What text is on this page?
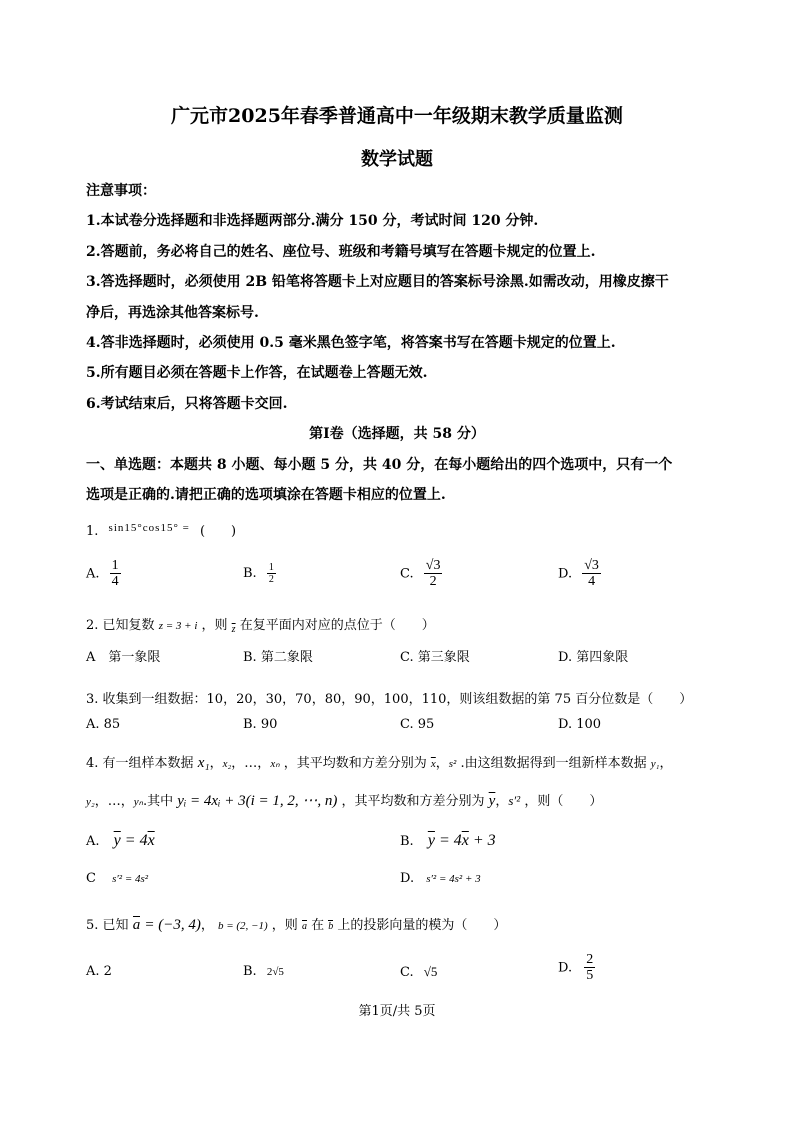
广元市2025年春季普通高中一年级期末教学质量监测
数学试题
注意事项：
1.本试卷分选择题和非选择题两部分.满分 150 分，考试时间 120 分钟.
2.答题前，务必将自己的姓名、座位号、班级和考籍号填写在答题卡规定的位置上.
3.答选择题时，必须使用 2B 铅笔将答题卡上对应题目的答案标号涂黑.如需改动，用橡皮擦干
净后，再选涂其他答案标号.
4.答非选择题时，必须使用 0.5 毫米黑色签字笔，将答案书写在答题卡规定的位置上.
5.所有题目必须在答题卡上作答，在试题卷上答题无效.
6.考试结束后，只将答题卡交回.
第Ⅰ卷（选择题，共 58 分）
一、单选题：本题共 8 小题、每小题 5 分，共 40 分，在每小题给出的四个选项中，只有一个
选项是正确的.请把正确的选项填涂在答题卡相应的位置上.
1. $^{sin15^\circ cos15^\circ =}$ (　　)
A. $\frac{1}{4}$	B. $\frac{1}{2}$	C. $\frac{√3}{2}$	D. $\frac{√3}{4}$
2. 已知复数 z = 3 + i ，则 $_{\overline{z}}$ 在复平面内对应的点位于（　　）
A　第一象限	B. 第二象限	C. 第三象限	D. 第四象限
3. 收集到一组数据：10，20，30，70，80，90，100，110，则该组数据的第 75 百分位数是（　　）
A. 85	B. 90	C. 95	D. 100
4. 有一组样本数据 x₁，x₂，…，xₙ ，其平均数和方差分别为 $\overline{x}$，s² .由这组数据得到一组新样本数据 y₁，
y₂，…，yₙ.其中 yᵢ = 4xᵢ + 3(i = 1, 2, ⋯, n) ，其平均数和方差分别为 $\overline{y}$，s′² ，则（　　）
A. $\overline{y} = 4\overline{x}$	B. $\overline{y} = 4\overline{x} + 3$
C s′² = 4s²	D. s′² = 4s² + 3
5. 已知 a = (−3, 4)， b = (2, −1) ，则 a 在 b 上的投影向量的模为（　　）
A. 2	B. 2√5	C. √5	D. $\frac{2}{5}$
第1页/共 5页
